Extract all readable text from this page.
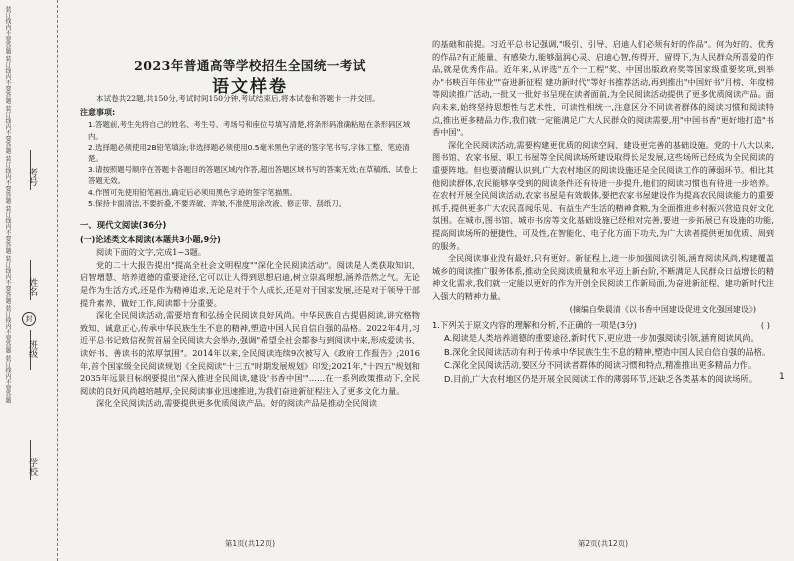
装订线内不要答题 装订线内不要答题 装订线内不要答题 装订线内不要答题 装订线内不要答题 装订线内不要答题 装订线内不要答题 装订线内不要答题 考号
姓名
封
班级
学校
2023年普通高等学校招生全国统一考试
语文样卷

本试卷共22题,共150分,考试时间150分钟,考试结束后,将本试卷和答题卡一并交回。

注意事项:

1.答题前,考生先将自己的姓名、考生号、考场号和座位号填写清楚,将条形码准确粘贴在条形码区域内。

2.选择题必须使用2B铅笔填涂;非选择题必须使用0.5毫米黑色字迹的签字笔书写,字体工整、笔迹清楚。

3.请按照题号顺序在答题卡各题目的答题区域内作答,超出答题区域书写的答案无效;在草稿纸、试卷上答题无效。

4.作图可先使用铅笔画出,确定后必须用黑色字迹的签字笔描黑。

5.保持卡面清洁,不要折叠,不要弄破、弄皱,不准使用涂改液、修正带、刮纸刀。

一、现代文阅读(36分)
(一)论述类文本阅读(本题共3小题,9分)

阅读下面的文字,完成1~3题。

党的二十大报告提出"提高全社会文明程度""深化全民阅读活动"。阅读是人类获取知识、启智增慧、培养道德的重要途径,它可以让人得到思想启迪,树立崇高理想,涵养浩然之气。无论是作为生活方式,还是作为精神追求,无论是对于个人成长,还是对于国家发展,还是对于领导干部提升素养、做好工作,阅读都十分重要。

深化全民阅读活动,需要培育和弘扬全民阅读良好风尚。中华民族自古提倡阅读,讲究格物致知、诚意正心,传承中华民族生生不息的精神,塑造中国人民自信自强的品格。2022年4月,习近平总书记致信祝贺首届全民阅读大会举办,强调"希望全社会都参与到阅读中来,形成爱读书、读好书、善读书的浓厚氛围"。2014年以来,全民阅读连续9次被写入《政府工作报告》;2016年,首个国家级全民阅读规划《全民阅读"十三五"时期发展规划》印发;2021年,"十四五"规划和2035年远景目标纲要提出"深入推进全民阅读,建设'书香中国'"……在一系列政策推动下,全民阅读的良好风尚越培越厚,全民阅读事业迅速推进,为我们奋进新征程注入了更多文化力量。

深化全民阅读活动,需要提供更多优质阅读产品。好的阅读产品是推动全民阅读

第1页(共12页)

的基础和前提。习近平总书记强调,"吸引、引导、启迪人们必须有好的作品"。何为好的、优秀的作品?有正能量、有感染力,能够温润心灵、启迪心智,传得开、留得下,为人民群众所喜爱的作品,就是优秀作品。近年来,从评选"五个一工程"奖、中国出版政府奖等国家级重要奖项,到举办"书映百年伟业""奋进新征程 建功新时代"等好书推荐活动,再到推出"中国好书"月榜、年度榜等阅读推广活动,一批又一批好书呈现在读者面前,为全民阅读活动提供了更多优质阅读产品。面向未来,始终坚持思想性与艺术性、可读性相统一,注意区分不同读者群体的阅读习惯和阅读特点,推出更多精品力作,我们就一定能满足广大人民群众的阅读需要,用"中国书香"更好地打造"书香中国"。

深化全民阅读活动,需要构建更优质的阅读空间、建设更完善的基础设施。党的十八大以来,图书馆、农家书屋、职工书屋等全民阅读场所建设取得长足发展,这些场所已经成为全民阅读的重要阵地。但也要清醒认识到,广大农村地区的阅读设施还是全民阅读工作的薄弱环节。相比其他阅读群体,农民能够享受到的阅读条件还有待进一步提升,他们的阅读习惯也有待进一步培养。在农村开展全民阅读活动,农家书屋是有效载体,要把农家书屋建设作为提高农民阅读能力的重要抓手,提供更多广大农民喜闻乐见、有益生产生活的精神食粮,为全面推进乡村振兴营造良好文化氛围。在城市,图书馆、城市书房等文化基础设施已经相对完善,要进一步拓展已有设施的功能,提高阅读场所的便捷性、可及性,在智能化、电子化方面下功夫,为广大读者提供更加优质、周到的服务。

全民阅读事业没有最好,只有更好。新征程上,进一步加强阅读引领,涵育阅读风尚,构建覆盖城乡的阅读推广服务体系,推动全民阅读质量和水平迈上新台阶,不断满足人民群众日益增长的精神文化需求,我们就一定能以更好的作为开创全民阅读工作新局面,为奋进新征程、建功新时代注入强大的精神力量。

(摘编自柴晨清《以书香中国建设促进文化强国建设》)
1.下列关于原文内容的理解和分析,不正确的一项是(3分)	( )
A.阅读是人类培养道德的重要途径,新时代下,更应进一步加强阅读引领,涵育阅读风尚。
B.深化全民阅读活动有利于传承中华民族生生不息的精神,塑造中国人民自信自强的品格。
C.深化全民阅读活动,要区分不同读者群体的阅读习惯和特点,精准推出更多精品力作。
D.目前,广大农村地区仍是开展全民阅读工作的薄弱环节,还缺乏各类基本的阅读场所。
第2页(共12页)
1
